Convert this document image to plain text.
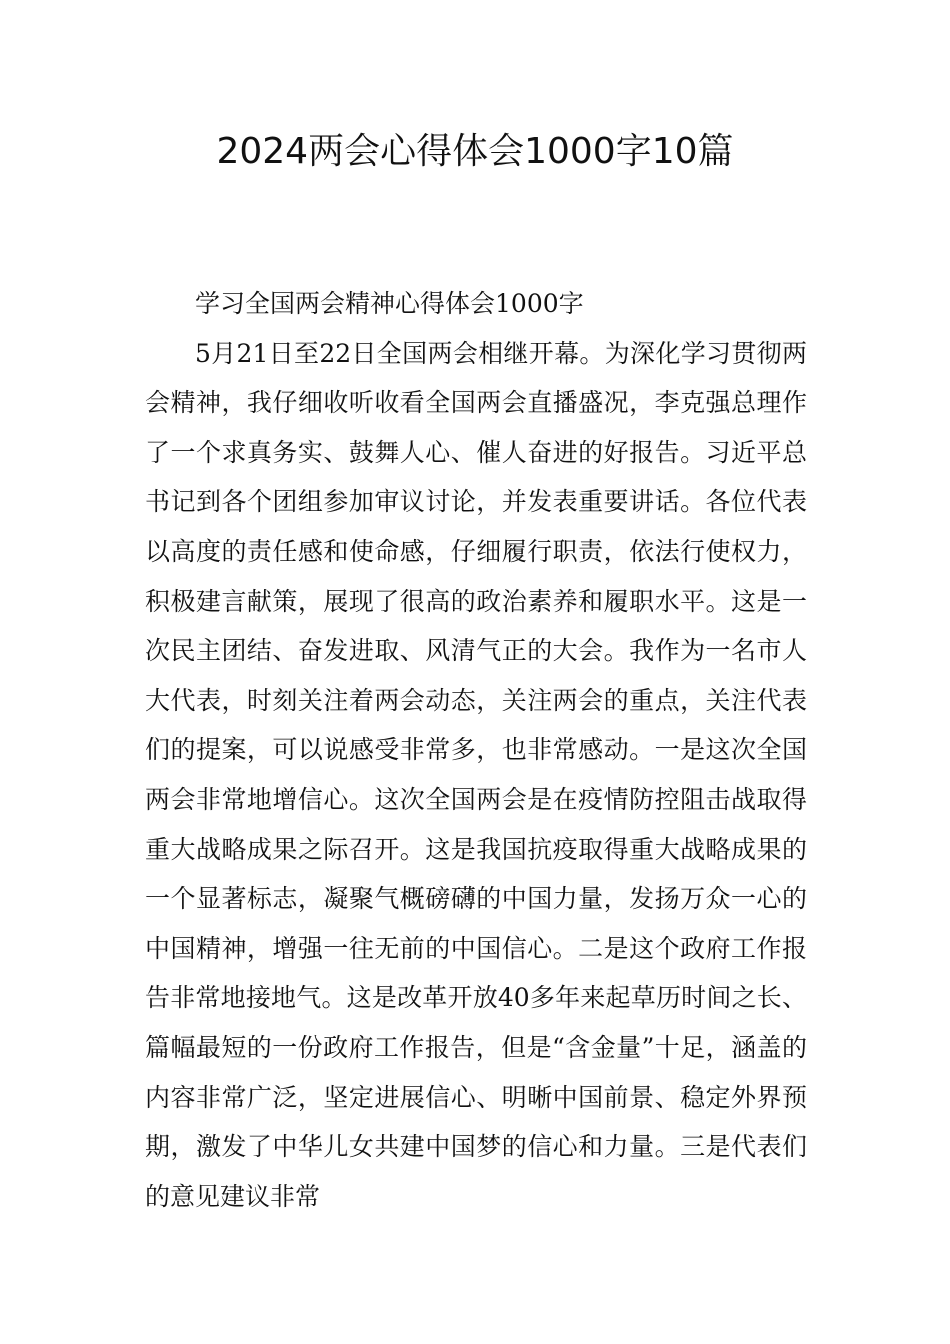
2024两会心得体会1000字10篇

学习全国两会精神心得体会1000字

5月21日至22日全国两会相继开幕。为深化学习贯彻两会精神，我仔细收听收看全国两会直播盛况，李克强总理作了一个求真务实、鼓舞人心、催人奋进的好报告。习近平总书记到各个团组参加审议讨论，并发表重要讲话。各位代表以高度的责任感和使命感，仔细履行职责，依法行使权力，积极建言献策，展现了很高的政治素养和履职水平。这是一次民主团结、奋发进取、风清气正的大会。我作为一名市人大代表，时刻关注着两会动态，关注两会的重点，关注代表们的提案，可以说感受非常多，也非常感动。一是这次全国两会非常地增信心。这次全国两会是在疫情防控阻击战取得重大战略成果之际召开。这是我国抗疫取得重大战略成果的一个显著标志，凝聚气概磅礴的中国力量，发扬万众一心的中国精神，增强一往无前的中国信心。二是这个政府工作报告非常地接地气。这是改革开放40多年来起草历时间之长、篇幅最短的一份政府工作报告，但是“含金量”十足，涵盖的内容非常广泛，坚定进展信心、明晰中国前景、稳定外界预期，激发了中华儿女共建中国梦的信心和力量。三是代表们的意见建议非常
